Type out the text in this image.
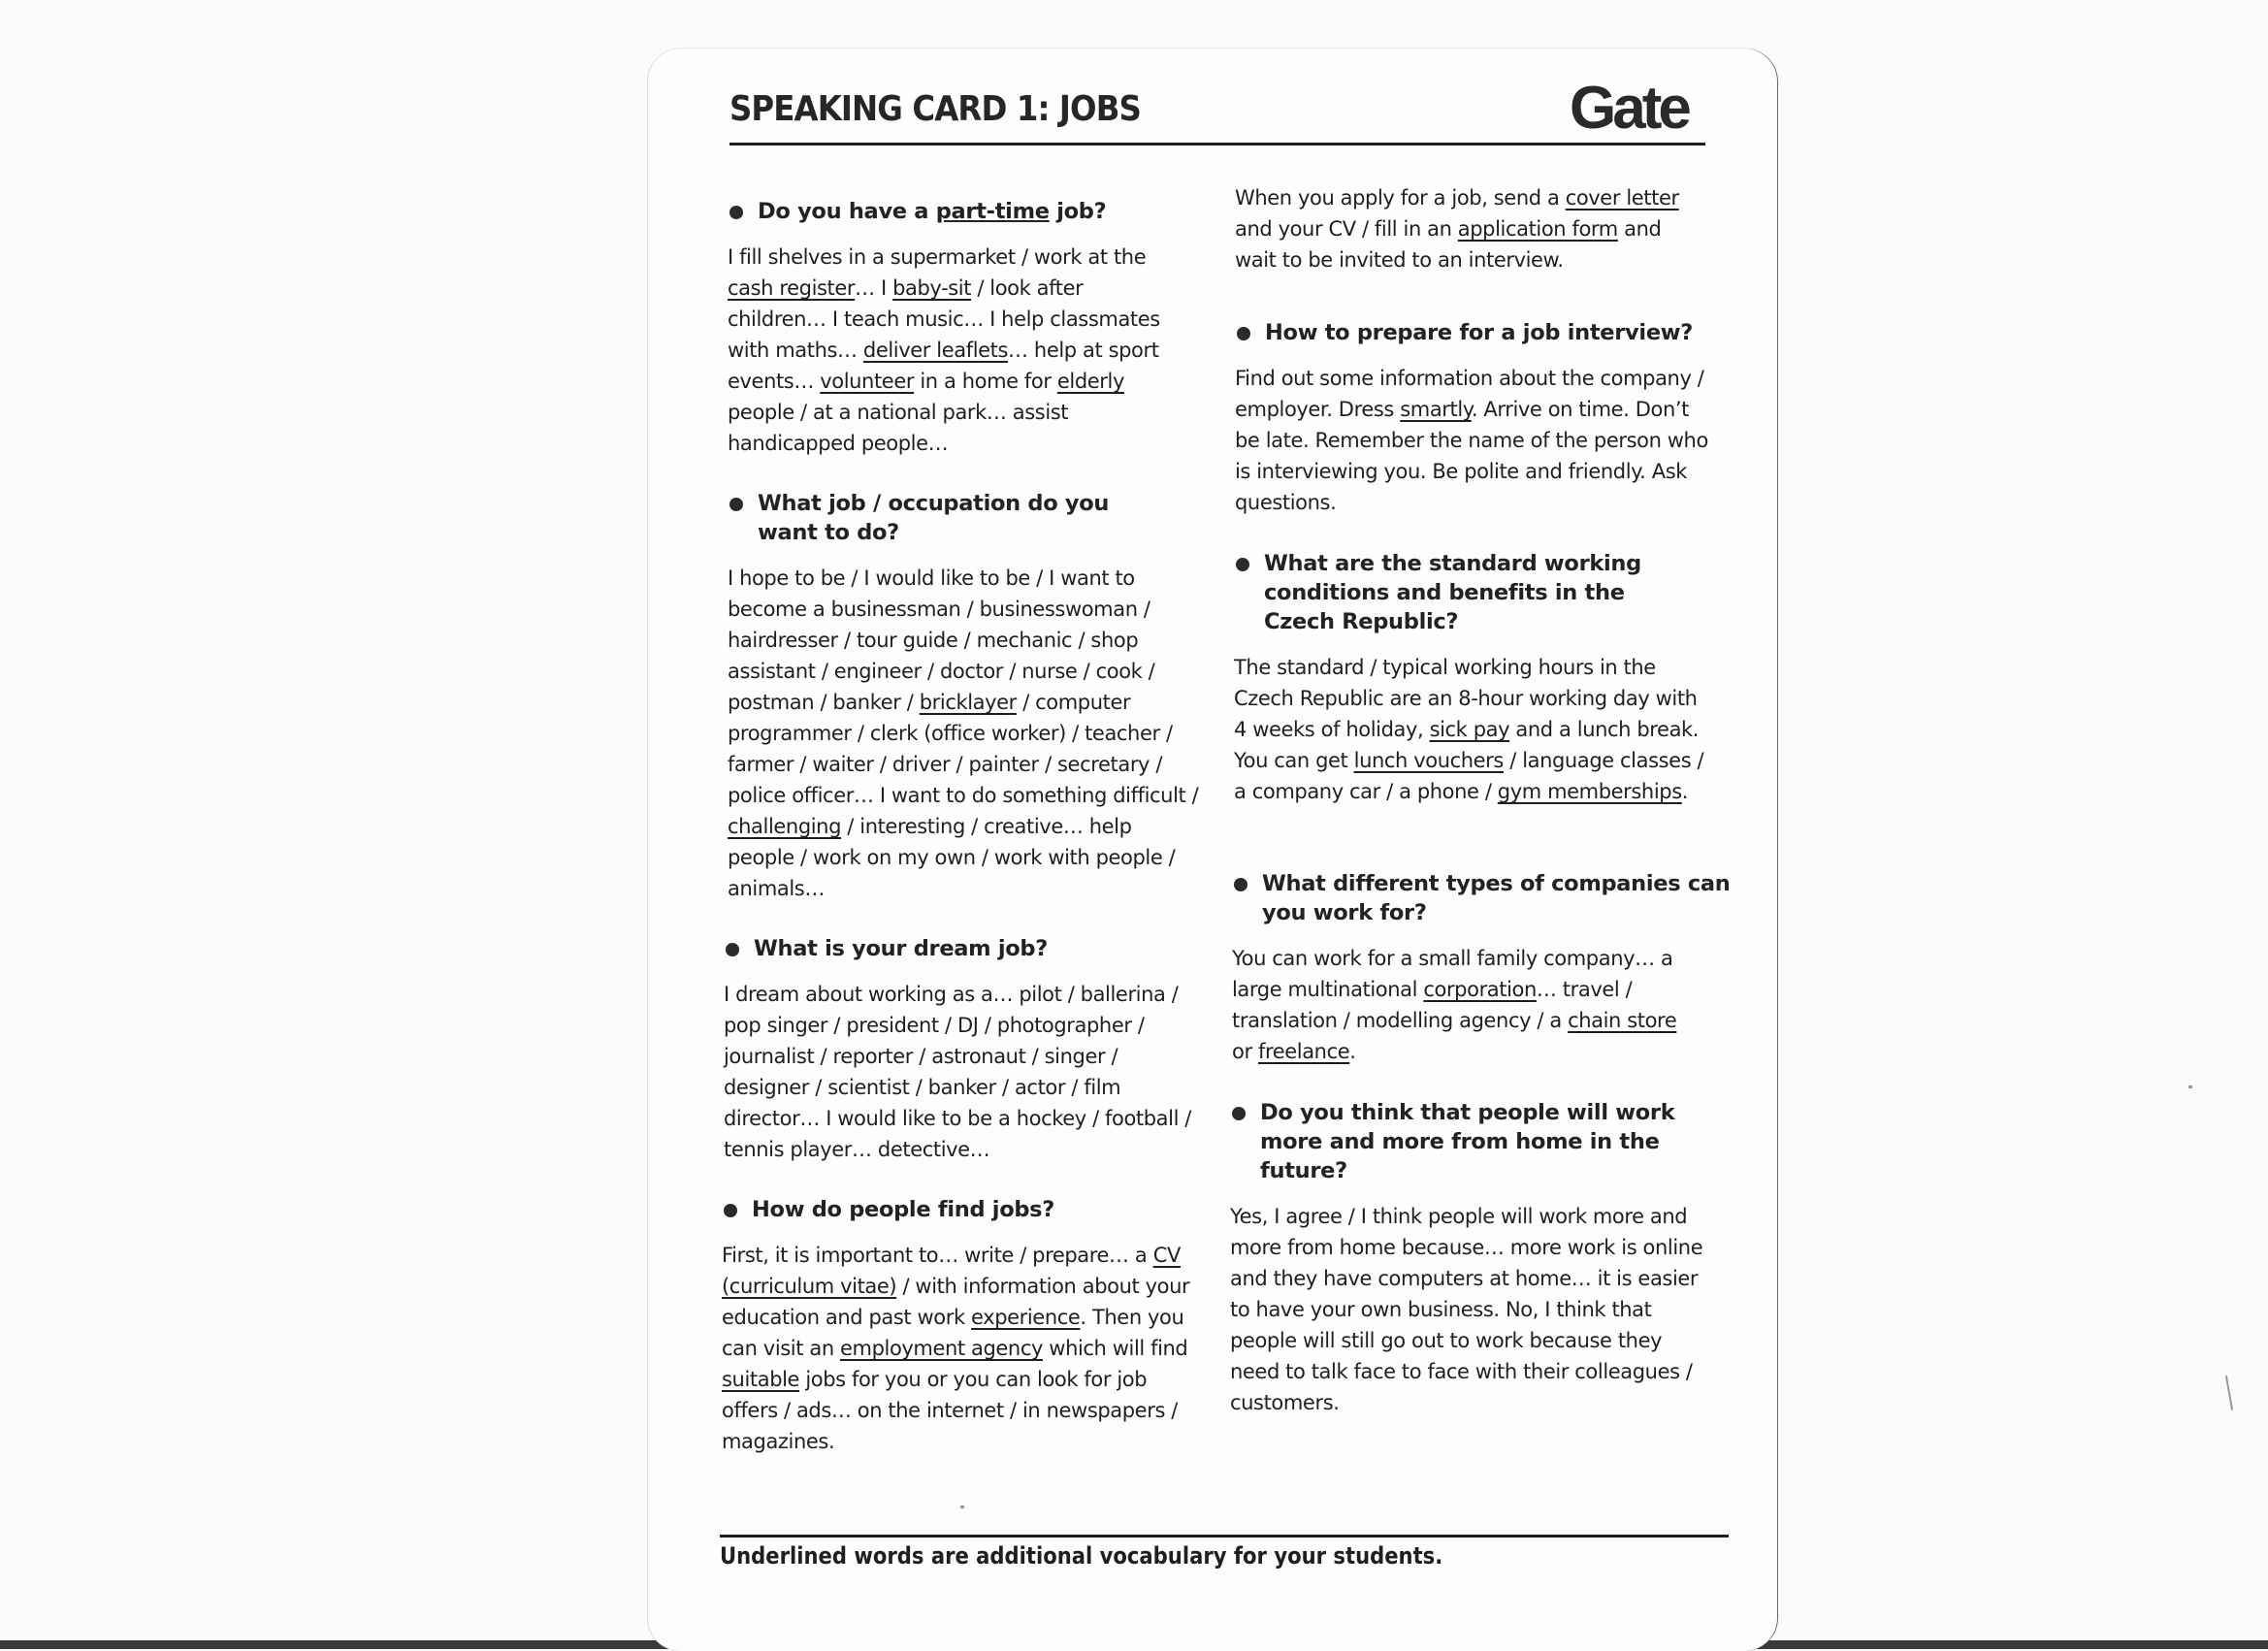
SPEAKING CARD 1: JOBS	Gate
Do you have a part-time job?
I fill shelves in a supermarket / work at the cash register… I baby-sit / look after children… I teach music… I help classmates with maths… deliver leaflets… help at sport events… volunteer in a home for elderly people / at a national park… assist handicapped people…
What job / occupation do you want to do?
I hope to be / I would like to be / I want to become a businessman / businesswoman / hairdresser / tour guide / mechanic / shop assistant / engineer / doctor / nurse / cook / postman / banker / bricklayer / computer programmer / clerk (office worker) / teacher / farmer / waiter / driver / painter / secretary / police officer… I want to do something difficult / challenging / interesting / creative… help people / work on my own / work with people / animals…
What is your dream job?
I dream about working as a… pilot / ballerina / pop singer / president / DJ / photographer / journalist / reporter / astronaut / singer / designer / scientist / banker / actor / film director… I would like to be a hockey / football / tennis player… detective…
How do people find jobs?
First, it is important to… write / prepare… a CV (curriculum vitae) / with information about your education and past work experience. Then you can visit an employment agency which will find suitable jobs for you or you can look for job offers / ads… on the internet / in newspapers / magazines.
When you apply for a job, send a cover letter and your CV / fill in an application form and wait to be invited to an interview.
How to prepare for a job interview?
Find out some information about the company / employer. Dress smartly. Arrive on time. Don’t be late. Remember the name of the person who is interviewing you. Be polite and friendly. Ask questions.
What are the standard working conditions and benefits in the Czech Republic?
The standard / typical working hours in the Czech Republic are an 8-hour working day with 4 weeks of holiday, sick pay and a lunch break. You can get lunch vouchers / language classes / a company car / a phone / gym memberships.
What different types of companies can you work for?
You can work for a small family company… a large multinational corporation… travel / translation / modelling agency / a chain store or freelance.
Do you think that people will work more and more from home in the future?
Yes, I agree / I think people will work more and more from home because… more work is online and they have computers at home… it is easier to have your own business. No, I think that people will still go out to work because they need to talk face to face with their colleagues / customers.
Underlined words are additional vocabulary for your students.
